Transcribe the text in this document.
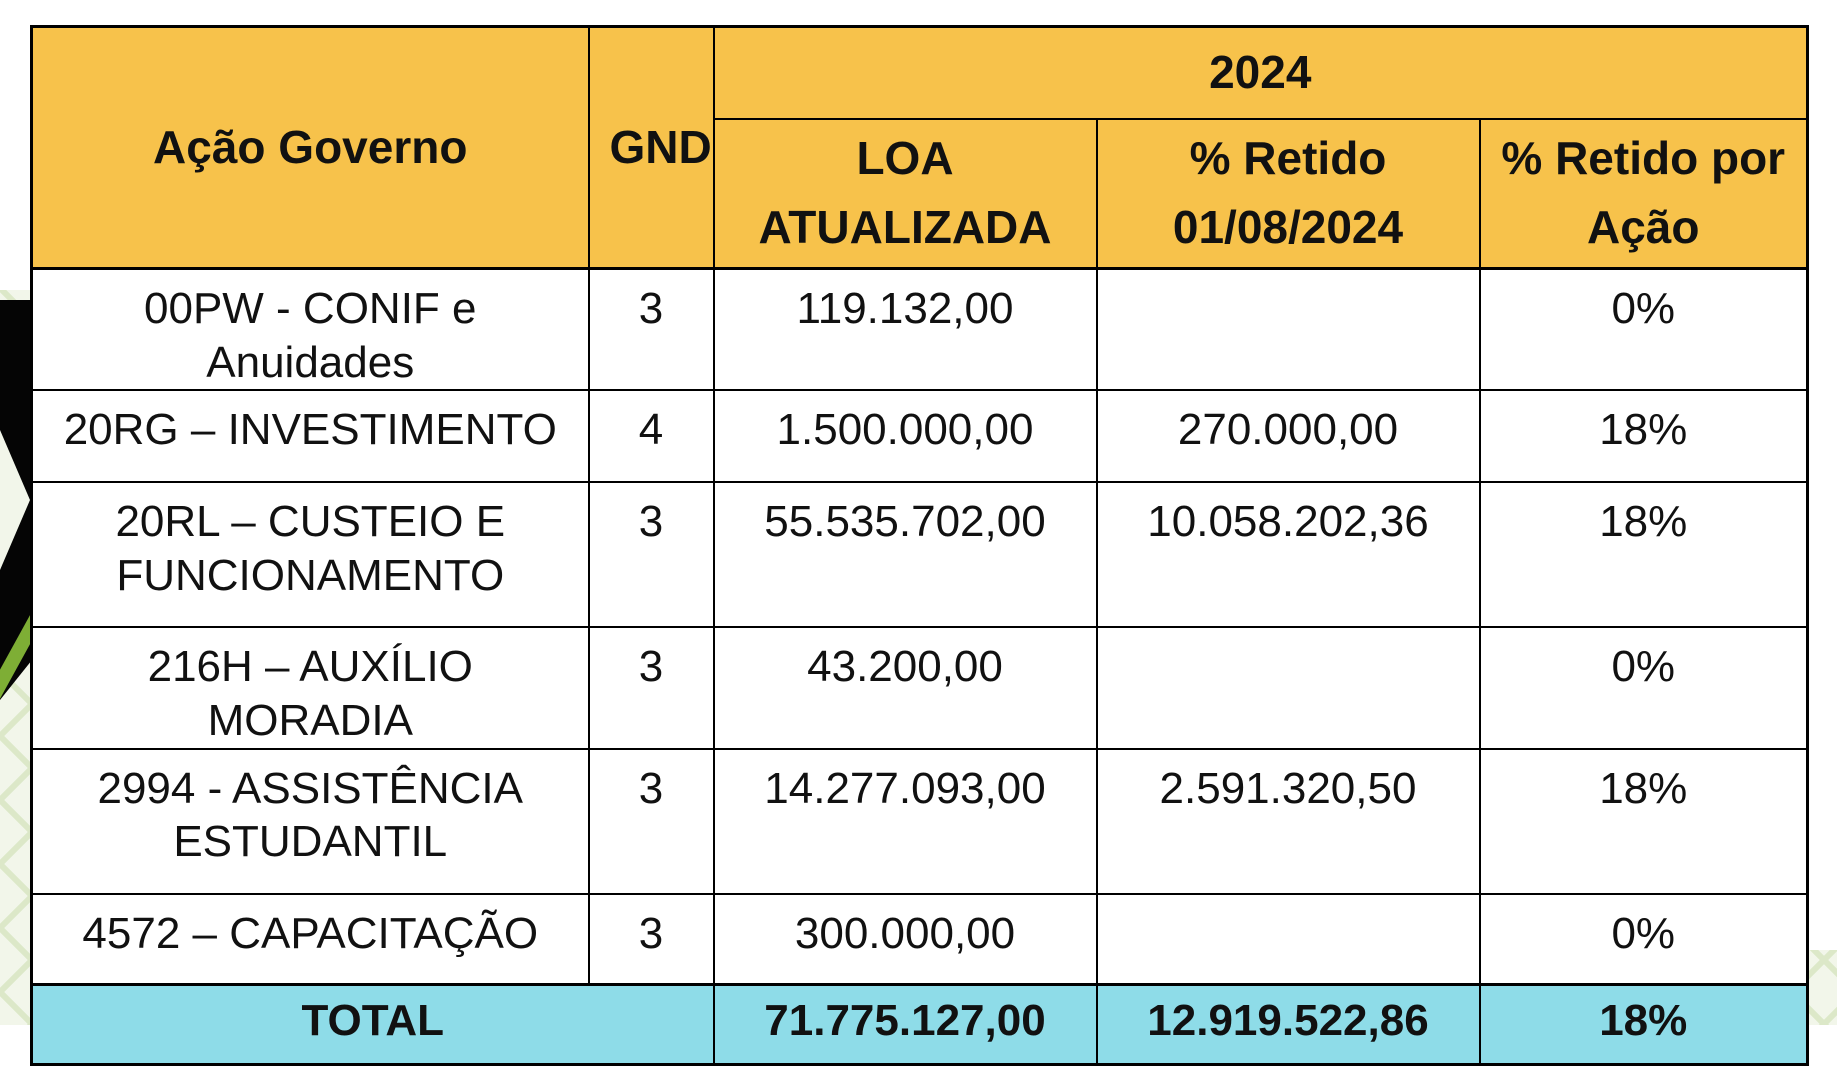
Ação Governo	GND	2024		
		LOA ATUALIZADA	% Retido 01/08/2024	% Retido por Ação
00PW - CONIF e Anuidades	3	119.132,00		0%
20RG – INVESTIMENTO	4	1.500.000,00	270.000,00	18%
20RL – CUSTEIO E FUNCIONAMENTO	3	55.535.702,00	10.058.202,36	18%
216H – AUXÍLIO MORADIA	3	43.200,00		0%
2994 - ASSISTÊNCIA ESTUDANTIL	3	14.277.093,00	2.591.320,50	18%
4572 – CAPACITAÇÃO	3	300.000,00		0%
TOTAL		71.775.127,00	12.919.522,86	18%
